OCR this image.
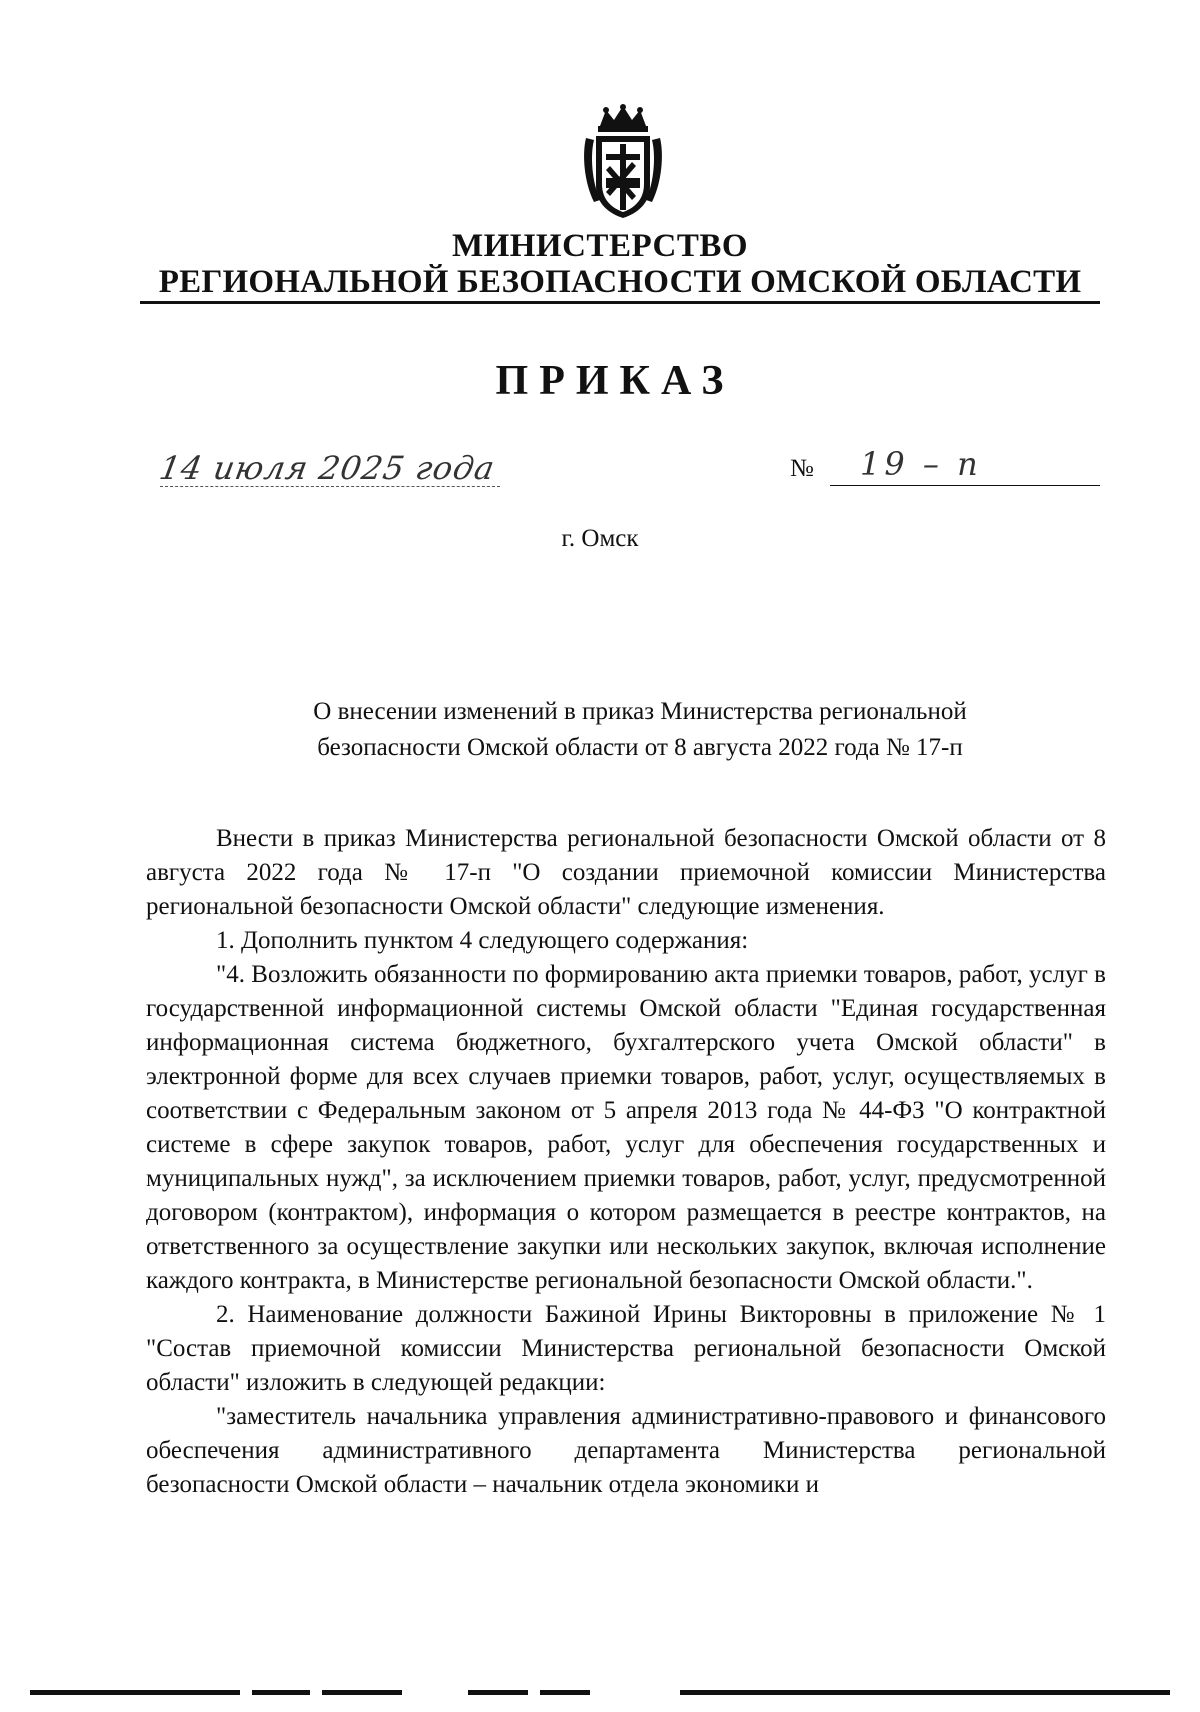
МИНИСТЕРСТВО
РЕГИОНАЛЬНОЙ БЕЗОПАСНОСТИ ОМСКОЙ ОБЛАСТИ
ПРИКАЗ
14 июля 2025 года	№ 19 – п
г. Омск
О внесении изменений в приказ Министерства региональной
безопасности Омской области от 8 августа 2022 года № 17-п

Внести в приказ Министерства региональной безопасности Омской области от 8 августа 2022 года № 17-п "О создании приемочной комиссии Министерства региональной безопасности Омской области" следующие изменения.

1. Дополнить пунктом 4 следующего содержания:

"4. Возложить обязанности по формированию акта приемки товаров, работ, услуг в государственной информационной системы Омской области "Единая государственная информационная система бюджетного, бухгалтерского учета Омской области" в электронной форме для всех случаев приемки товаров, работ, услуг, осуществляемых в соответствии с Федеральным законом от 5 апреля 2013 года № 44-ФЗ "О контрактной системе в сфере закупок товаров, работ, услуг для обеспечения государственных и муниципальных нужд", за исключением приемки товаров, работ, услуг, предусмотренной договором (контрактом), информация о котором размещается в реестре контрактов, на ответственного за осуществление закупки или нескольких закупок, включая исполнение каждого контракта, в Министерстве региональной безопасности Омской области.".

2. Наименование должности Бажиной Ирины Викторовны в приложение № 1 "Состав приемочной комиссии Министерства региональной безопасности Омской области" изложить в следующей редакции:

"заместитель начальника управления административно-правового и финансового обеспечения административного департамента Министерства региональной безопасности Омской области – начальник отдела экономики и
